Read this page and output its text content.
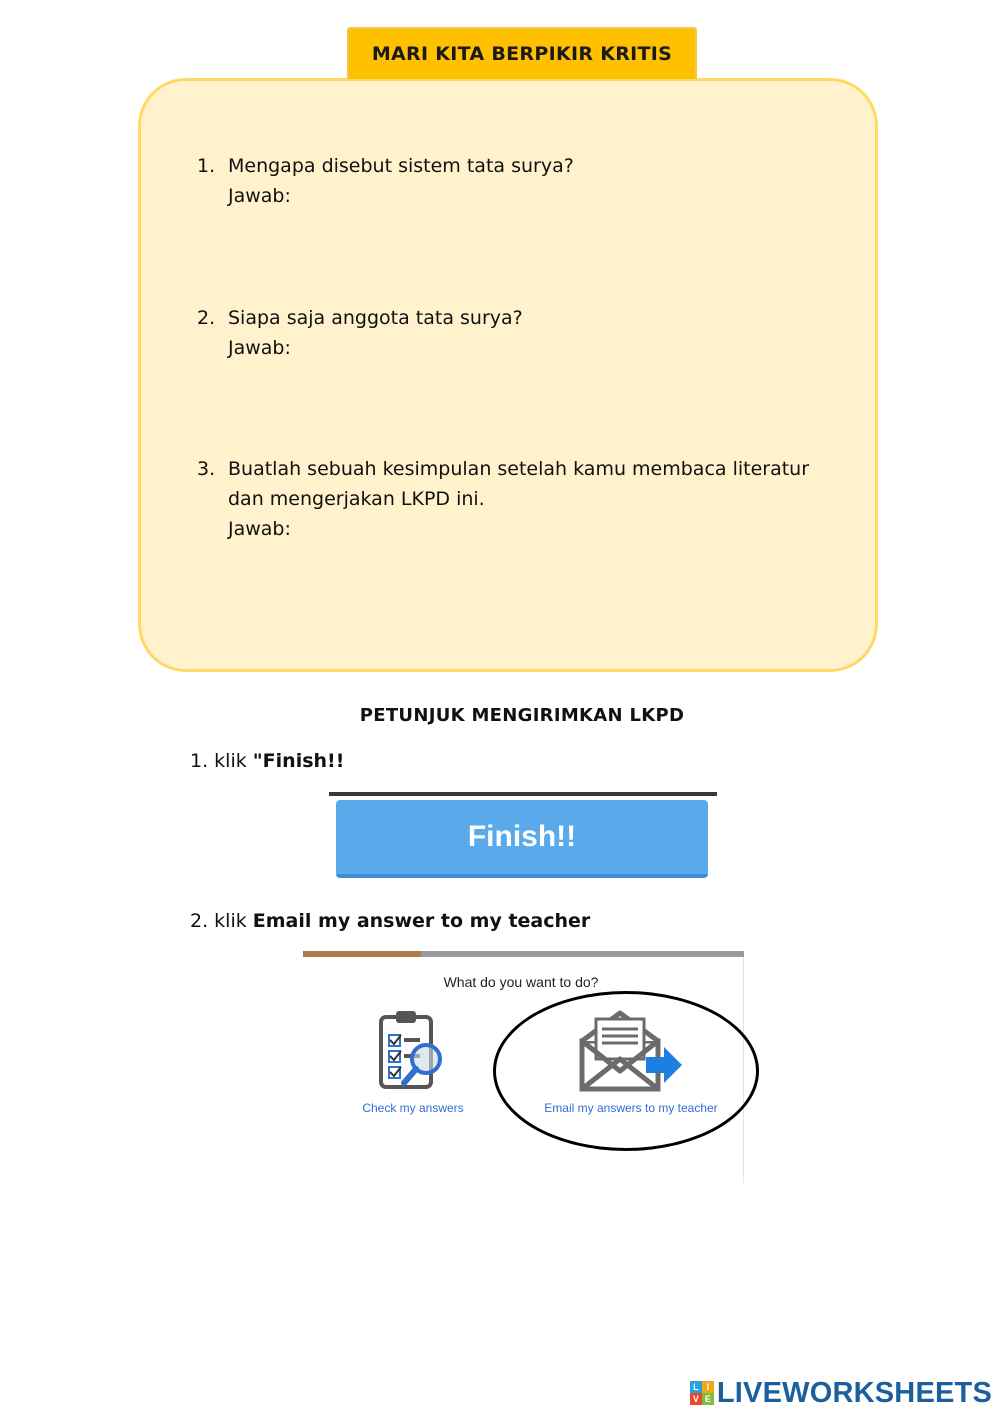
MARI KITA BERPIKIR KRITIS
1. Mengapa disebut sistem tata surya?
Jawab:
2. Siapa saja anggota tata surya?
Jawab:
3. Buatlah sebuah kesimpulan setelah kamu membaca literatur dan mengerjakan LKPD ini.
Jawab:
PETUNJUK MENGIRIMKAN LKPD
1. klik "Finish!!
Finish!!
2. klik Email my answer to my teacher
What do you want to do?
Check my answers	Email my answers to my teacher
L I
V E LIVEWORKSHEETS
